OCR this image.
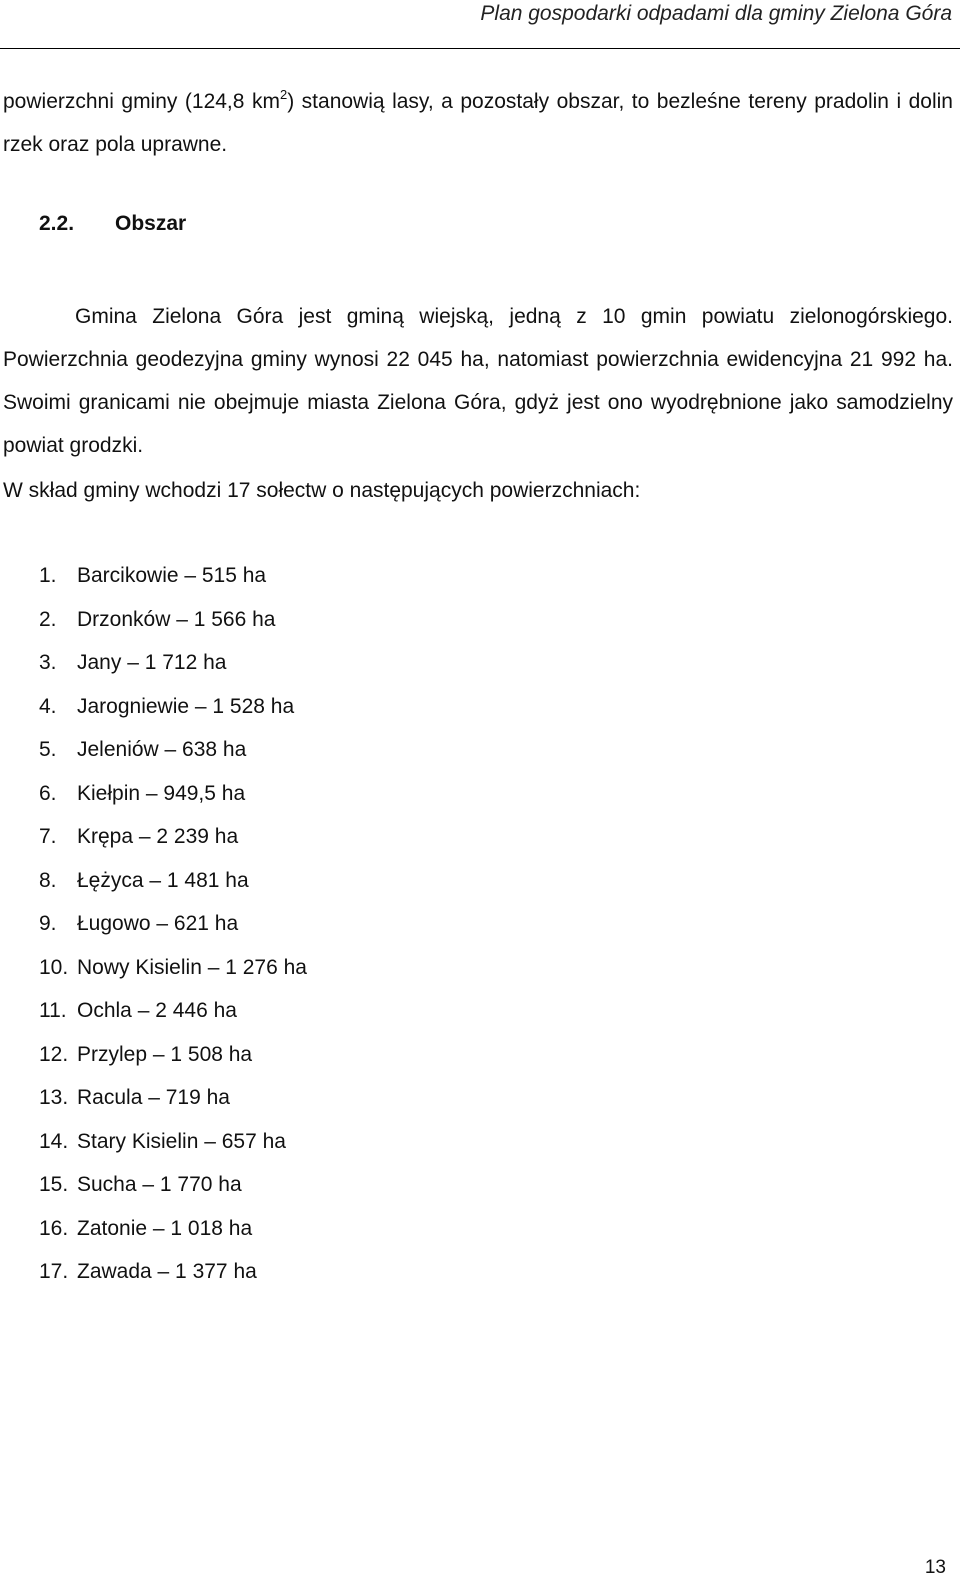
Plan gospodarki odpadami dla gminy Zielona Góra

powierzchni gminy (124,8 $km^2$) stanowią lasy, a pozostały obszar, to bezleśne tereny pradolin i dolin rzek oraz pola uprawne.

2.2. Obszar

Gmina Zielona Góra jest gminą wiejską, jedną z 10 gmin powiatu zielonogórskiego. Powierzchnia geodezyjna gminy wynosi 22 045 ha, natomiast powierzchnia ewidencyjna 21 992 ha. Swoimi granicami nie obejmuje miasta Zielona Góra, gdyż jest ono wyodrębnione jako samodzielny powiat grodzki.

W skład gminy wchodzi 17 sołectw o następujących powierzchniach:

1. Barcikowie – 515 ha
2. Drzonków – 1 566 ha
3. Jany – 1 712 ha
4. Jarogniewie – 1 528 ha
5. Jeleniów – 638 ha
6. Kiełpin – 949,5 ha
7. Krępa – 2 239 ha
8. Łężyca – 1 481 ha
9. Ługowo – 621 ha
10. Nowy Kisielin – 1 276 ha
11. Ochla – 2 446 ha
12. Przylep – 1 508 ha
13. Racula – 719 ha
14. Stary Kisielin – 657 ha
15. Sucha – 1 770 ha
16. Zatonie – 1 018 ha
17. Zawada – 1 377 ha
13
